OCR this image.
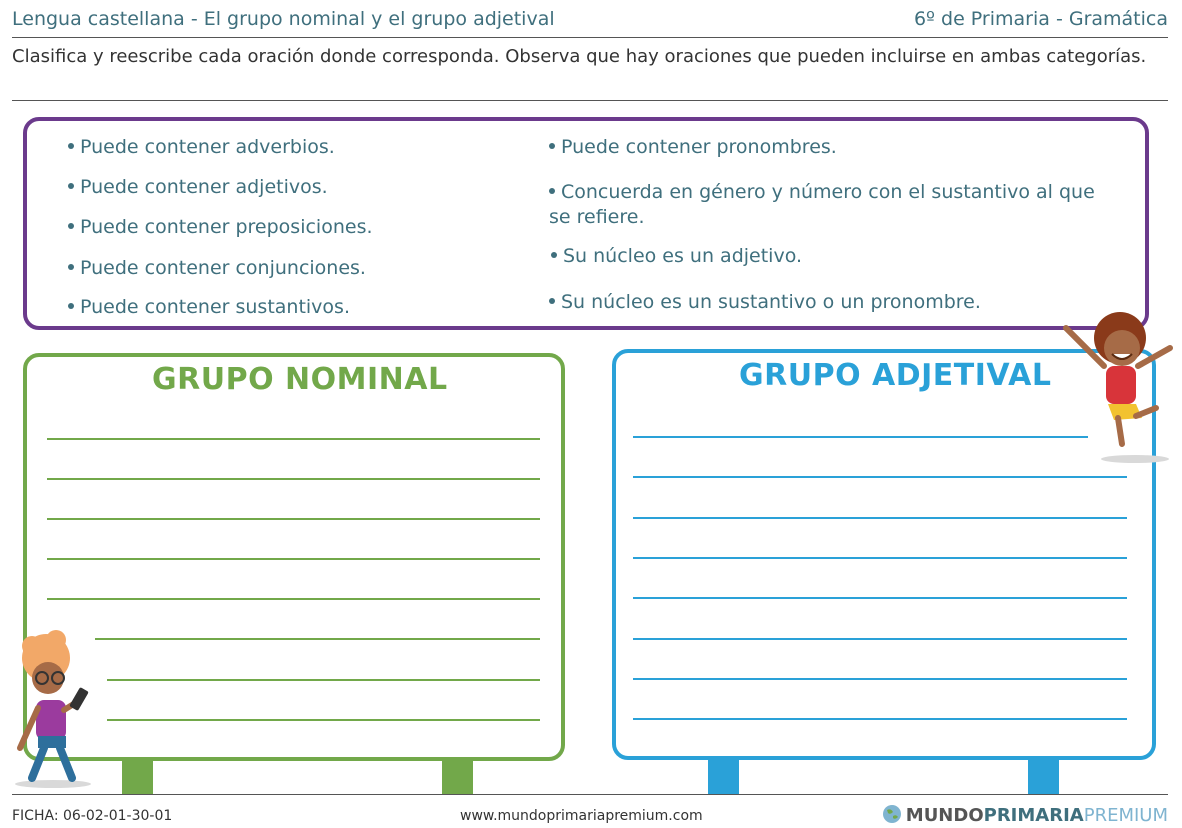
Lengua castellana - El grupo nominal y el grupo adjetival	6º de Primaria - Gramática
Clasifica y reescribe cada oración donde corresponda. Observa que hay oraciones que pueden incluirse en ambas categorías.
Puede contener adverbios.
Puede contener adjetivos.
Puede contener preposiciones.
Puede contener conjunciones.
Puede contener sustantivos.
Puede contener pronombres.
Concuerda en género y número con el sustantivo al que se refiere.
Su núcleo es un adjetivo.
Su núcleo es un sustantivo o un pronombre.
GRUPO NOMINAL	GRUPO ADJETIVAL
FICHA: 06-02-01-30-01	www.mundoprimariapremium.com	MUNDOPRIMARIAPREMIUM
